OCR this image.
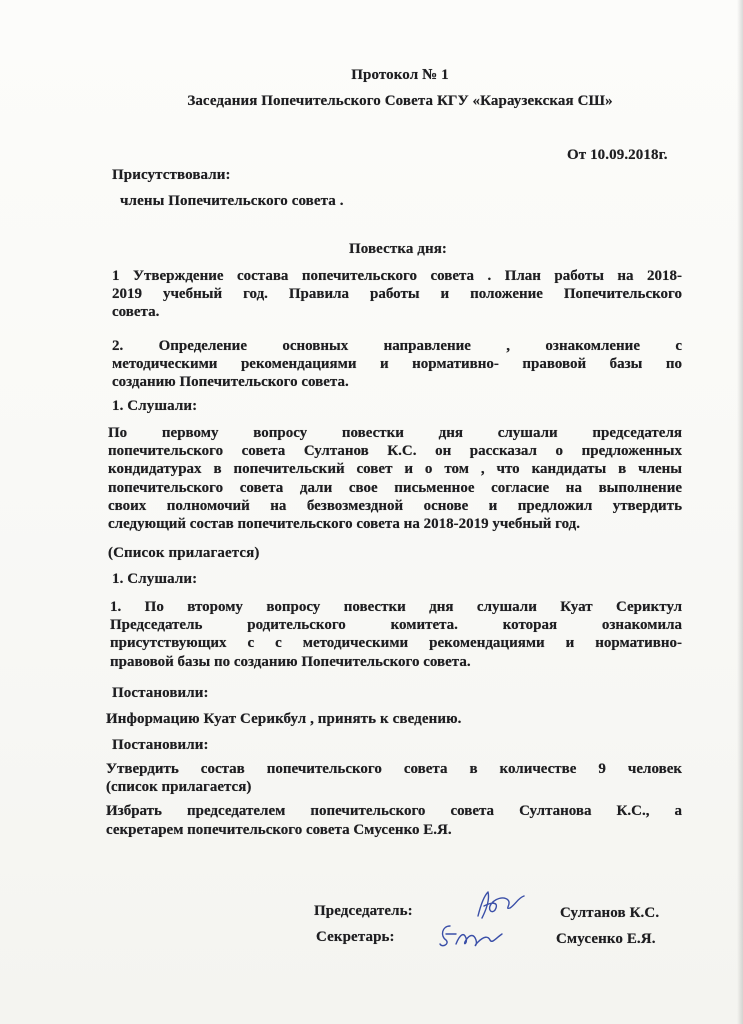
Протокол № 1
Заседания Попечительского Совета КГУ «Караузекская СШ»
От 10.09.2018г.
Присутствовали:
члены Попечительского совета .
Повестка дня:
1 Утверждение состава попечительского совета . План работы на 2018-
2019 учебный год. Правила работы и положение Попечительского
совета.
2. Определение основных направление , ознакомление с
методическими рекомендациями и нормативно- правовой базы по
созданию Попечительского совета.
1. Слушали:
По первому вопросу повестки дня слушали председателя
попечительского совета Султанов К.С. он рассказал о предложенных
кондидатурах в попечительский совет и о том , что кандидаты в члены
попечительского совета дали свое письменное согласие на выполнение
своих полномочий на безвозмездной основе и предложил утвердить
следующий состав попечительского совета на 2018-2019 учебный год.
(Список прилагается)
1. Слушали:
1. По второму вопросу повестки дня слушали Куат Сериктул
Председатель родительского комитета. которая ознакомила
присутствующих с с методическими рекомендациями и нормативно-
правовой базы по созданию Попечительского совета.
Постановили:
Информацию Куат Серикбул , принять к сведению.
Постановили:
Утвердить состав попечительского совета в количестве 9 человек
(список прилагается)
Избрать председателем попечительского совета Султанова К.С., а
секретарем попечительского совета Смусенко Е.Я.
Председатель:	Султанов К.С.
Секретарь:	Смусенко Е.Я.
